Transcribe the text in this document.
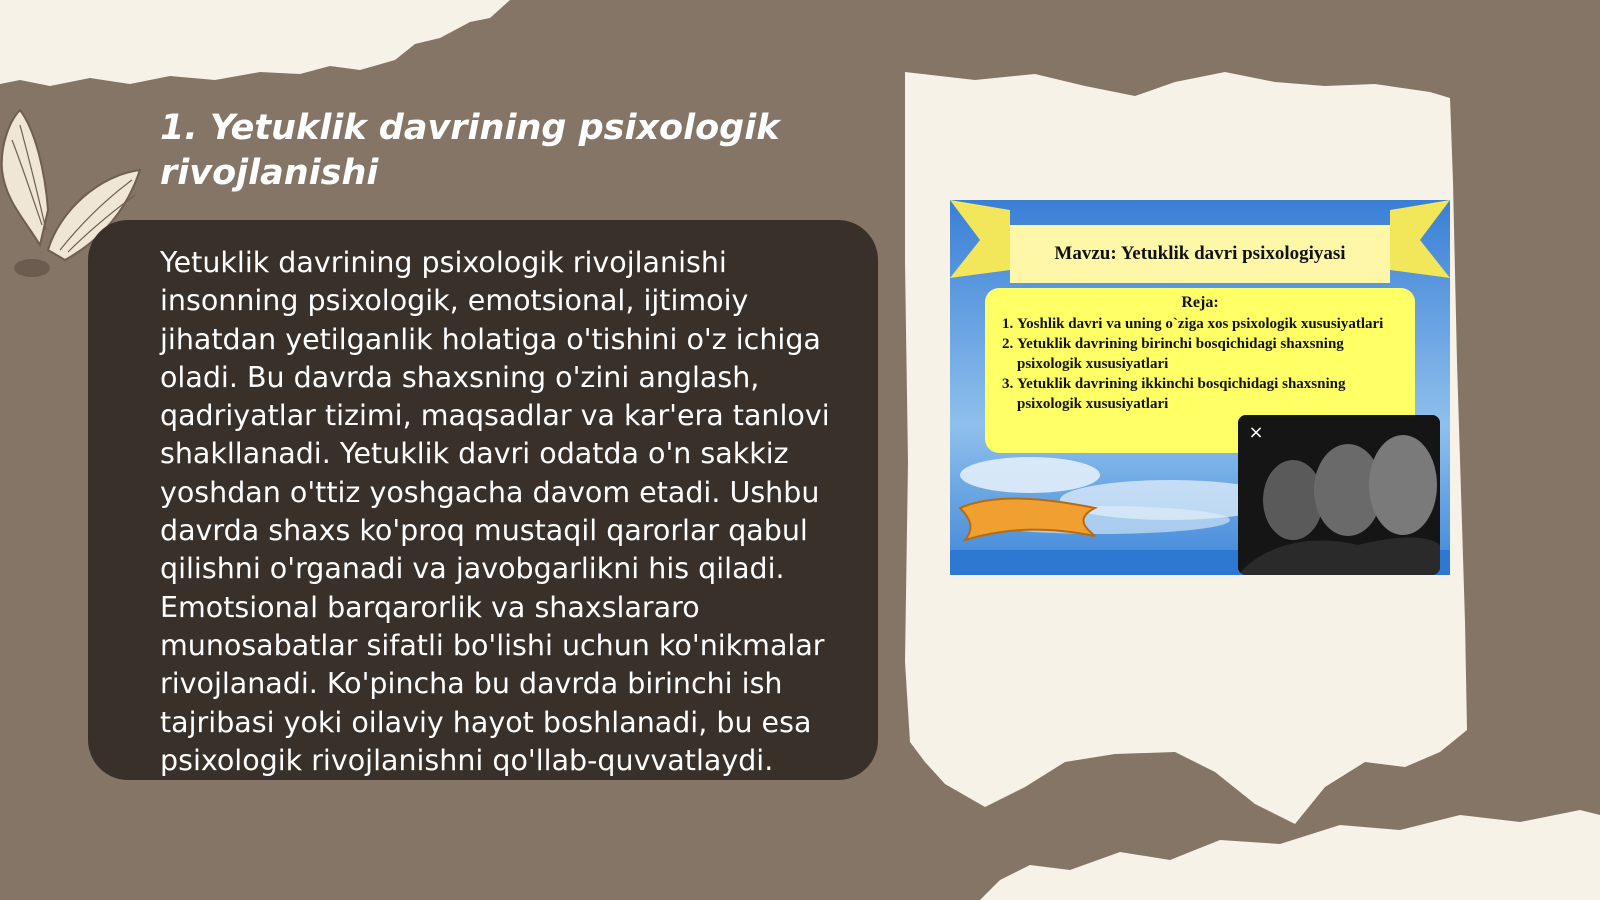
1. Yetuklik davrining psixologik rivojlanishi

Yetuklik davrining psixologik rivojlanishi insonning psixologik, emotsional, ijtimoiy jihatdan yetilganlik holatiga o'tishini o'z ichiga oladi. Bu davrda shaxsning o'zini anglash, qadriyatlar tizimi, maqsadlar va kar'era tanlovi shakllanadi. Yetuklik davri odatda o'n sakkiz yoshdan o'ttiz yoshgacha davom etadi. Ushbu davrda shaxs ko'proq mustaqil qarorlar qabul qilishni o'rganadi va javobgarlikni his qiladi. Emotsional barqarorlik va shaxslararo munosabatlar sifatli bo'lishi uchun ko'nikmalar rivojlanadi. Ko'pincha bu davrda birinchi ish tajribasi yoki oilaviy hayot boshlanadi, bu esa psixologik rivojlanishni qo'llab-quvvatlaydi.

Mavzu: Yetuklik davri psixologiyasi
Reja:
1. Yoshlik davri va uning o`ziga xos psixologik xususiyatlari
2. Yetuklik davrining birinchi bosqichidagi shaxsning psixologik xususiyatlari
3. Yetuklik davrining ikkinchi bosqichidagi shaxsning psixologik xususiyatlari
×
